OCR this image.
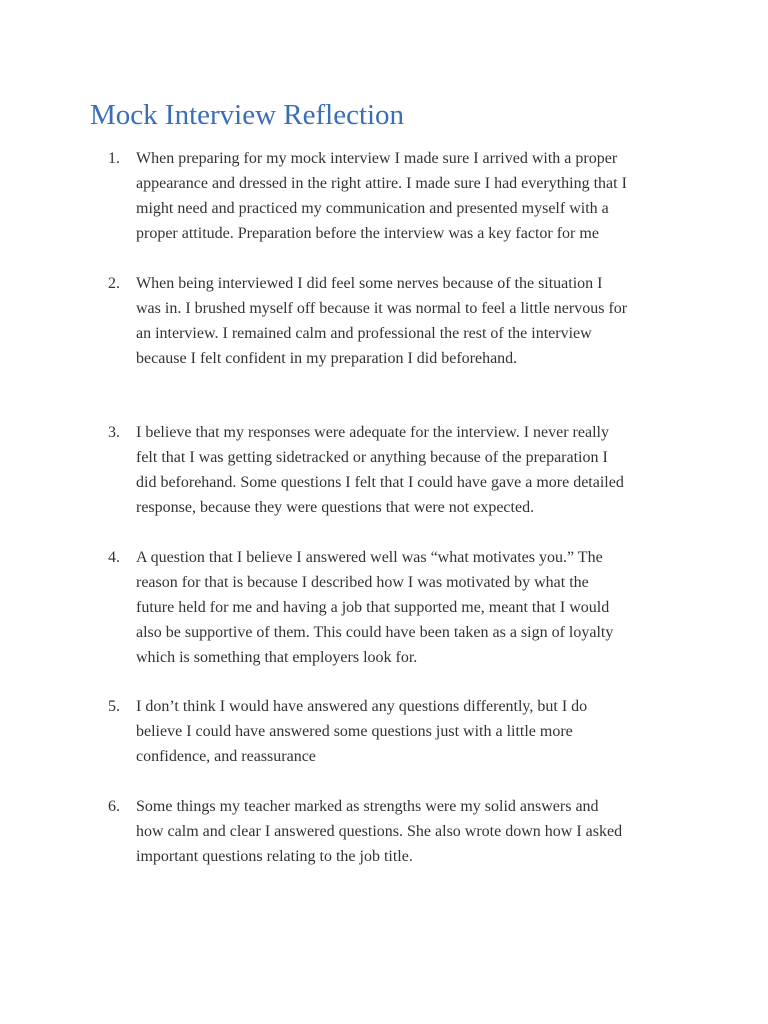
Mock Interview Reflection
1.	When preparing for my mock interview I made sure I arrived with a proper
appearance and dressed in the right attire. I made sure I had everything that I
might need and practiced my communication and presented myself with a
proper attitude. Preparation before the interview was a key factor for me
2.	When being interviewed I did feel some nerves because of the situation I
was in. I brushed myself off because it was normal to feel a little nervous for
an interview. I remained calm and professional the rest of the interview
because I felt confident in my preparation I did beforehand.
3.	I believe that my responses were adequate for the interview. I never really
felt that I was getting sidetracked or anything because of the preparation I
did beforehand. Some questions I felt that I could have gave a more detailed
response, because they were questions that were not expected.
4.	A question that I believe I answered well was “what motivates you.” The
reason for that is because I described how I was motivated by what the
future held for me and having a job that supported me, meant that I would
also be supportive of them. This could have been taken as a sign of loyalty
which is something that employers look for.
5.	I don’t think I would have answered any questions differently, but I do
believe I could have answered some questions just with a little more
confidence, and reassurance
6.	Some things my teacher marked as strengths were my solid answers and
how calm and clear I answered questions. She also wrote down how I asked
important questions relating to the job title.
